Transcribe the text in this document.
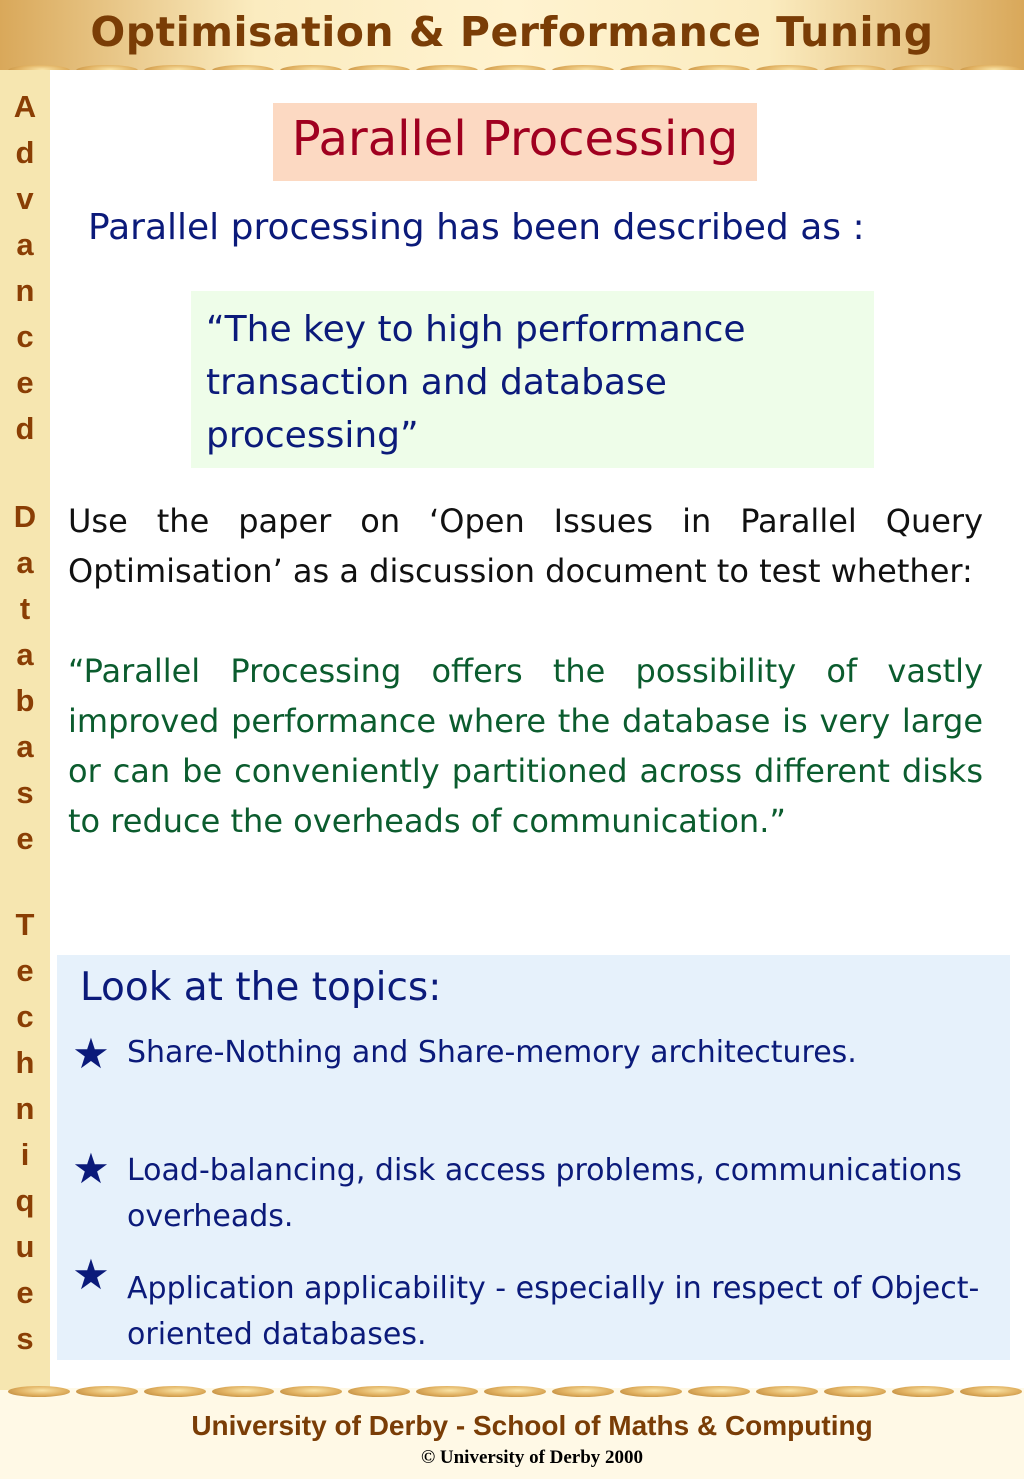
Optimisation & Performance Tuning
A
d
v
a
n
c
e
d
D
a
t
a
b
a
s
e
T
e
c
h
n
i
q
u
e
s
Parallel Processing
Parallel processing has been described as :
“The key to high performance transaction and database processing”
Use the paper on ‘Open Issues in Parallel Query Optimisation’ as a discussion document to test whether:
“Parallel Processing offers the possibility of vastly improved performance where the database is very large or can be conveniently partitioned across different disks to reduce the overheads of communication.”
Look at the topics:
★ Share-Nothing and Share-memory architectures.
★ Load-balancing, disk access problems, communications overheads.
★ Application applicability - especially in respect of Object-oriented databases.
University of Derby - School of Maths & Computing
© University of Derby 2000
